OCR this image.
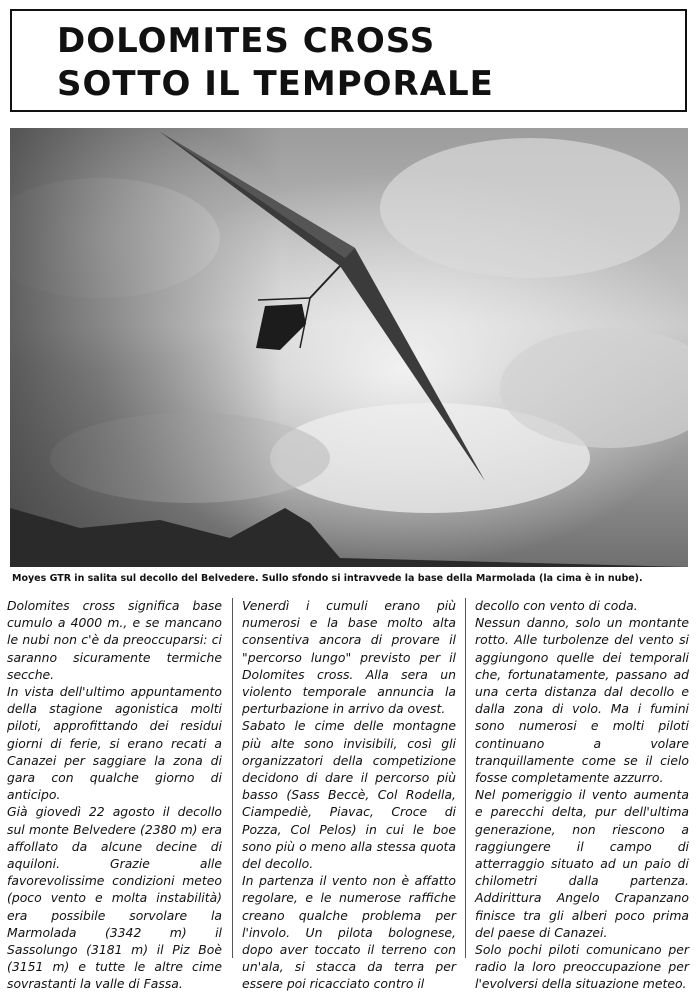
DOLOMITES CROSS
SOTTO IL TEMPORALE
Moyes GTR in salita sul decollo del Belvedere. Sullo sfondo si intravvede la base della Marmolada (la cima è in nube).

Dolomites cross significa base cumulo a 4000 m., e se mancano le nubi non c'è da preoccuparsi: ci saranno sicuramente termiche secche.

In vista dell'ultimo appuntamento della stagione agonistica molti piloti, approfittando dei residui giorni di ferie, si erano recati a Canazei per saggiare la zona di gara con qualche giorno di anticipo.

Già giovedì 22 agosto il decollo sul monte Belvedere (2380 m) era affollato da alcune decine di aquiloni. Grazie alle favorevolissime condizioni meteo (poco vento e molta instabilità) era possibile sorvolare la Marmolada (3342 m) il Sassolungo (3181 m) il Piz Boè (3151 m) e tutte le altre cime sovrastanti la valle di Fassa.

Venerdì i cumuli erano più numerosi e la base molto alta consentiva ancora di provare il "percorso lungo" previsto per il Dolomites cross. Alla sera un violento temporale annuncia la perturbazione in arrivo da ovest.

Sabato le cime delle montagne più alte sono invisibili, così gli organizzatori della competizione decidono di dare il percorso più basso (Sass Beccè, Col Rodella, Ciampediè, Piavac, Croce di Pozza, Col Pelos) in cui le boe sono più o meno alla stessa quota del decollo.

In partenza il vento non è affatto regolare, e le numerose raffiche creano qualche problema per l'involo. Un pilota bolognese, dopo aver toccato il terreno con un'ala, si stacca da terra per essere poi ricacciato contro il

decollo con vento di coda.

Nessun danno, solo un montante rotto. Alle turbolenze del vento si aggiungono quelle dei temporali che, fortunatamente, passano ad una certa distanza dal decollo e dalla zona di volo. Ma i fumini sono numerosi e molti piloti continuano a volare tranquillamente come se il cielo fosse completamente azzurro.

Nel pomeriggio il vento aumenta e parecchi delta, pur dell'ultima generazione, non riescono a raggiungere il campo di atterraggio situato ad un paio di chilometri dalla partenza. Addirittura Angelo Crapanzano finisce tra gli alberi poco prima del paese di Canazei.

Solo pochi piloti comunicano per radio la loro preoccupazione per l'evolversi della situazione meteo.
